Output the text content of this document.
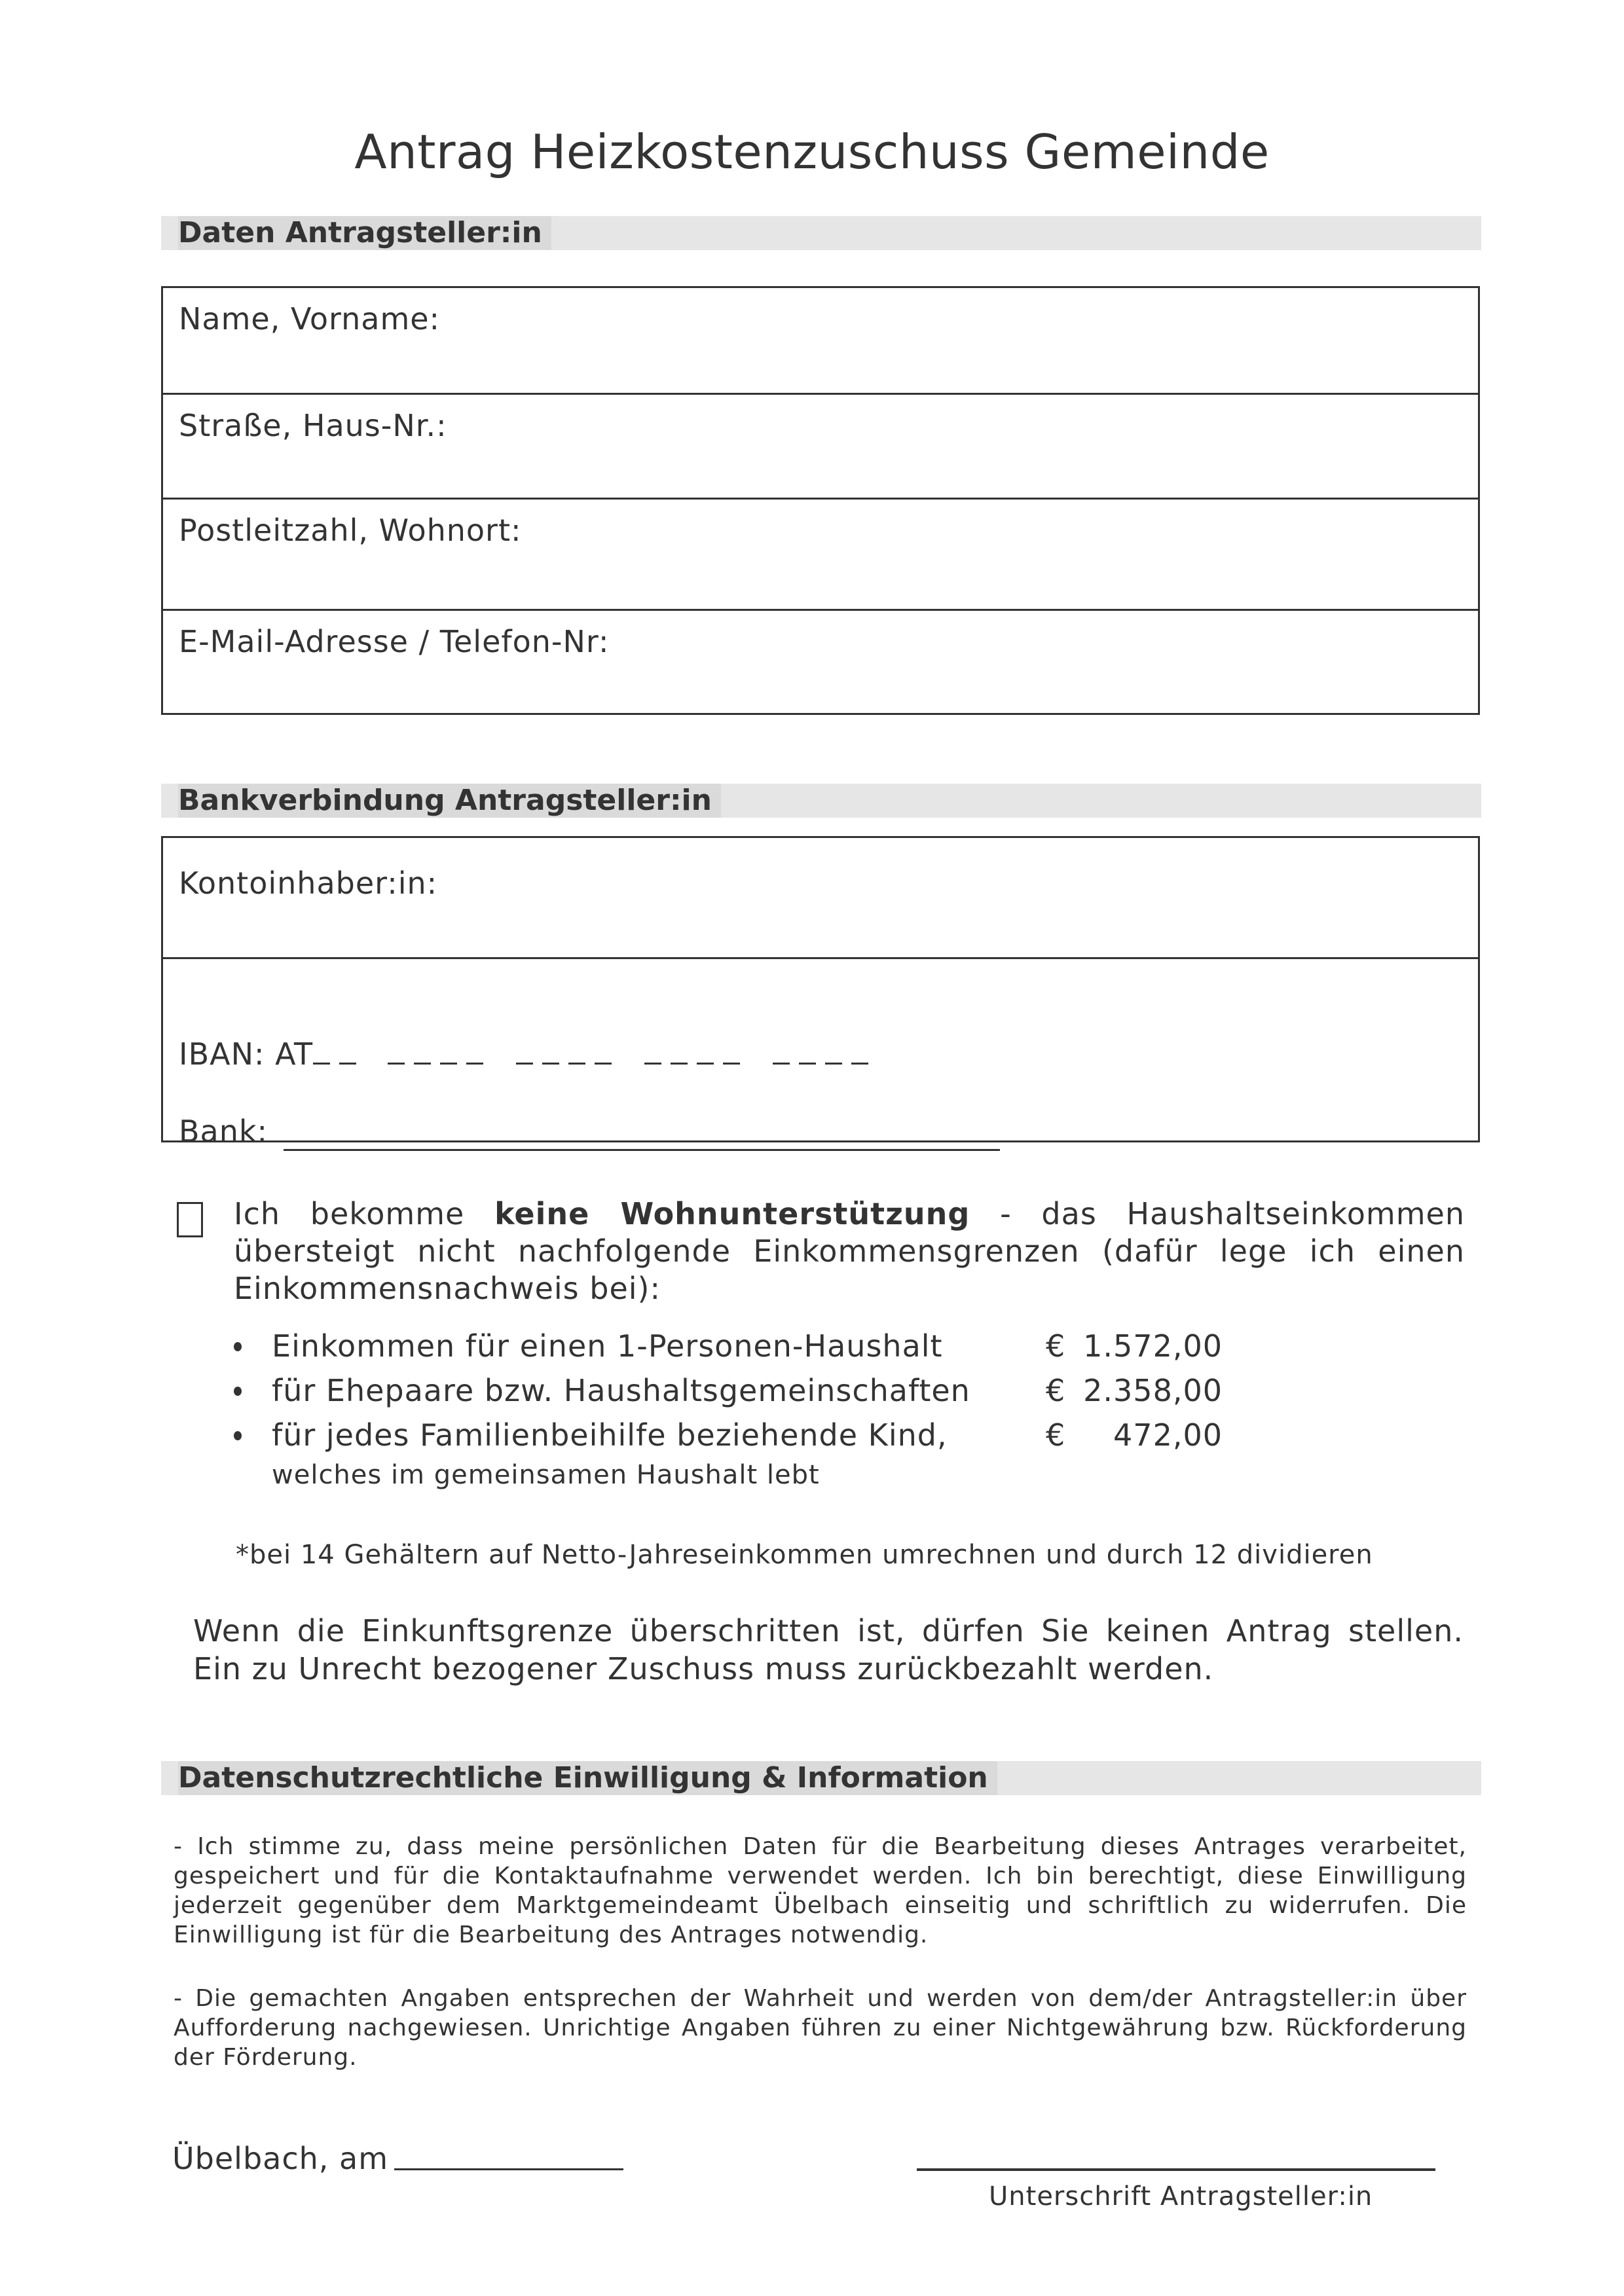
Antrag Heizkostenzuschuss Gemeinde
Daten Antragsteller:in
Name, Vorname:
Straße, Haus-Nr.:
Postleitzahl, Wohnort:
E-Mail-Adresse / Telefon-Nr:
Bankverbindung Antragsteller:in
Kontoinhaber:in:
IBAN: AT
Bank:
Ich bekomme keine Wohnunterstützung - das Haushaltseinkommen übersteigt nicht nachfolgende Einkommensgrenzen (dafür lege ich einen Einkommensnachweis bei):
Einkommen für einen 1-Personen-Haushalt	€ 1.572,00
für Ehepaare bzw. Haushaltsgemeinschaften	€ 2.358,00
für jedes Familienbeihilfe beziehende Kind,	€	472,00
welches im gemeinsamen Haushalt lebt
*bei 14 Gehältern auf Netto-Jahreseinkommen umrechnen und durch 12 dividieren
Wenn die Einkunftsgrenze überschritten ist, dürfen Sie keinen Antrag stellen. Ein zu Unrecht bezogener Zuschuss muss zurückbezahlt werden.
Datenschutzrechtliche Einwilligung & Information
- Ich stimme zu, dass meine persönlichen Daten für die Bearbeitung dieses Antrages verarbeitet, gespeichert und für die Kontaktaufnahme verwendet werden. Ich bin berechtigt, diese Einwilligung jederzeit gegenüber dem Marktgemeindeamt Übelbach einseitig und schriftlich zu widerrufen. Die Einwilligung ist für die Bearbeitung des Antrages notwendig.
- Die gemachten Angaben entsprechen der Wahrheit und werden von dem/der Antragsteller:in über Aufforderung nachgewiesen. Unrichtige Angaben führen zu einer Nichtgewährung bzw. Rückforderung der Förderung.
Übelbach, am
Unterschrift Antragsteller:in
